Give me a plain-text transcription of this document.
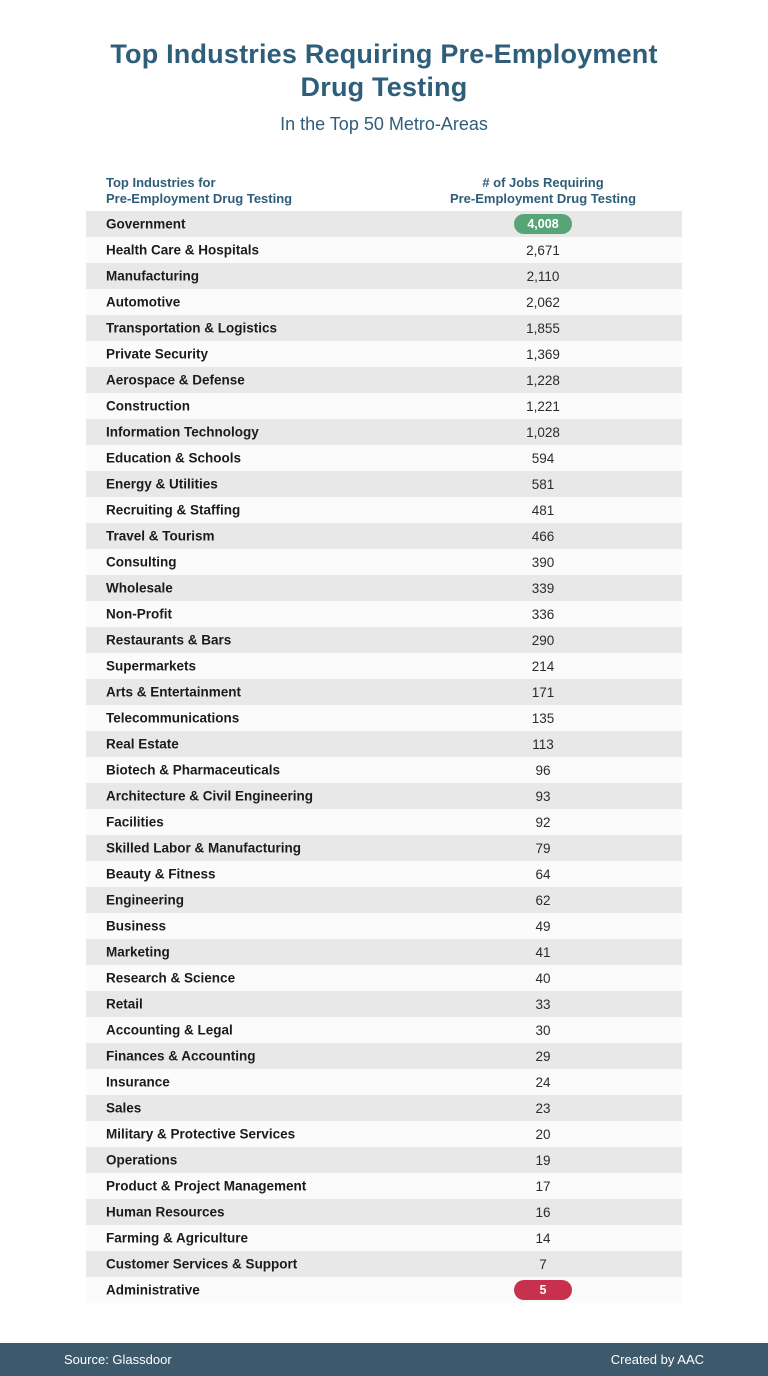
Top Industries Requiring Pre-Employment
Drug Testing
In the Top 50 Metro-Areas
Top Industries for
Pre-Employment Drug Testing
# of Jobs Requiring
Pre-Employment Drug Testing
Government	4,008
Health Care & Hospitals	2,671
Manufacturing	2,110
Automotive	2,062
Transportation & Logistics	1,855
Private Security	1,369
Aerospace & Defense	1,228
Construction	1,221
Information Technology	1,028
Education & Schools	594
Energy & Utilities	581
Recruiting & Staffing	481
Travel & Tourism	466
Consulting	390
Wholesale	339
Non-Profit	336
Restaurants & Bars	290
Supermarkets	214
Arts & Entertainment	171
Telecommunications	135
Real Estate	113
Biotech & Pharmaceuticals	96
Architecture & Civil Engineering	93
Facilities	92
Skilled Labor & Manufacturing	79
Beauty & Fitness	64
Engineering	62
Business	49
Marketing	41
Research & Science	40
Retail	33
Accounting & Legal	30
Finances & Accounting	29
Insurance	24
Sales	23
Military & Protective Services	20
Operations	19
Product & Project Management	17
Human Resources	16
Farming & Agriculture	14
Customer Services & Support	7
Administrative	5
Source: Glassdoor	Created by AAC
